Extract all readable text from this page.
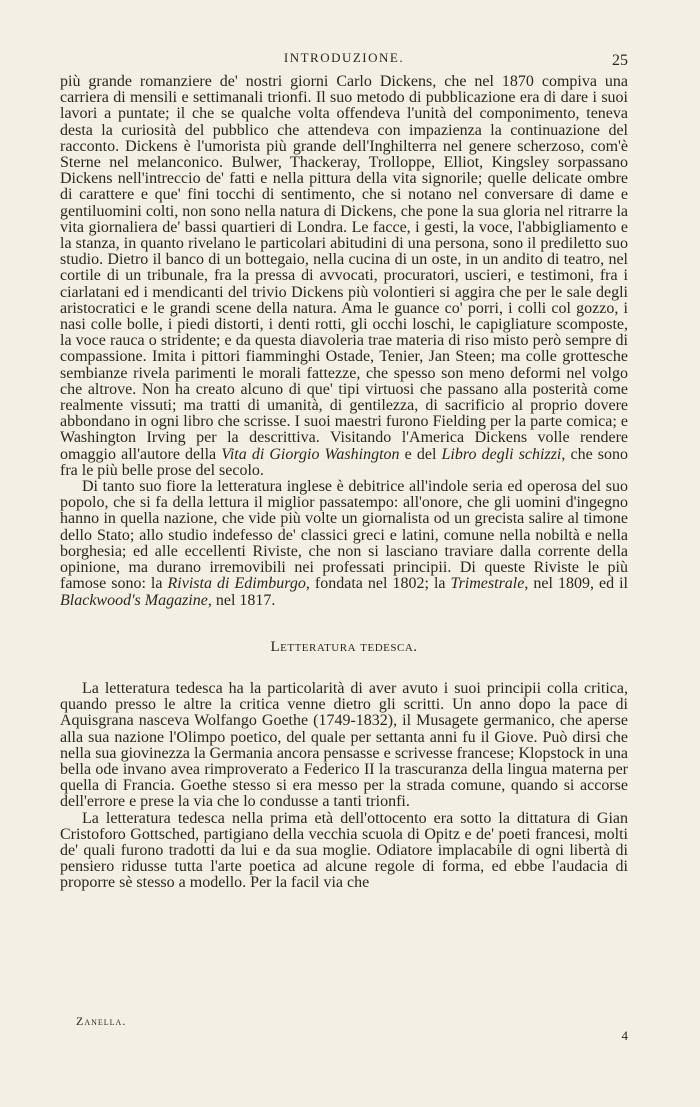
INTRODUZIONE.	25

più grande romanziere de' nostri giorni Carlo Dickens, che nel 1870 compiva una carriera di mensili e settimanali trionfi. Il suo metodo di pubblicazione era di dare i suoi lavori a puntate; il che se qualche volta offendeva l'unità del componimento, teneva desta la curiosità del pubblico che attendeva con impazienza la continuazione del racconto. Dickens è l'umorista più grande dell'Inghilterra nel genere scherzoso, com'è Sterne nel melanconico. Bulwer, Thackeray, Trolloppe, Elliot, Kingsley sorpassano Dickens nell'intreccio de' fatti e nella pittura della vita signorile; quelle delicate ombre di carattere e que' fini tocchi di sentimento, che si notano nel conversare di dame e gentiluomini colti, non sono nella natura di Dickens, che pone la sua gloria nel ritrarre la vita giornaliera de' bassi quartieri di Londra. Le facce, i gesti, la voce, l'abbigliamento e la stanza, in quanto rivelano le particolari abitudini di una persona, sono il prediletto suo studio. Dietro il banco di un bottegaio, nella cucina di un oste, in un andito di teatro, nel cortile di un tribunale, fra la pressa di avvocati, procuratori, uscieri, e testimoni, fra i ciarlatani ed i mendicanti del trivio Dickens più volontieri si aggira che per le sale degli aristocratici e le grandi scene della natura. Ama le guance co' porri, i colli col gozzo, i nasi colle bolle, i piedi distorti, i denti rotti, gli occhi loschi, le capigliature scomposte, la voce rauca o stridente; e da questa diavoleria trae materia di riso misto però sempre di compassione. Imita i pittori fiamminghi Ostade, Tenier, Jan Steen; ma colle grottesche sembianze rivela parimenti le morali fattezze, che spesso son meno deformi nel volgo che altrove. Non ha creato alcuno di que' tipi virtuosi che passano alla posterità come realmente vissuti; ma tratti di umanità, di gentilezza, di sacrificio al proprio dovere abbondano in ogni libro che scrisse. I suoi maestri furono Fielding per la parte comica; e Washington Irving per la descrittiva. Visitando l'America Dickens volle rendere omaggio all'autore della Vita di Giorgio Washington e del Libro degli schizzi, che sono fra le più belle prose del secolo.

Di tanto suo fiore la letteratura inglese è debitrice all'indole seria ed operosa del suo popolo, che si fa della lettura il miglior passatempo: all'onore, che gli uomini d'ingegno hanno in quella nazione, che vide più volte un giornalista od un grecista salire al timone dello Stato; allo studio indefesso de' classici greci e latini, comune nella nobiltà e nella borghesia; ed alle eccellenti Riviste, che non si lasciano traviare dalla corrente della opinione, ma durano irremovibili nei professati principii. Di queste Riviste le più famose sono: la Rivista di Edimburgo, fondata nel 1802; la Trimestrale, nel 1809, ed il Blackwood's Magazine, nel 1817.

Letteratura tedesca.

La letteratura tedesca ha la particolarità di aver avuto i suoi principii colla critica, quando presso le altre la critica venne dietro gli scritti. Un anno dopo la pace di Aquisgrana nasceva Wolfango Goethe (1749-1832), il Musagete germanico, che aperse alla sua nazione l'Olimpo poetico, del quale per settanta anni fu il Giove. Può dirsi che nella sua giovinezza la Germania ancora pensasse e scrivesse francese; Klopstock in una bella ode invano avea rimproverato a Federico II la trascuranza della lingua materna per quella di Francia. Goethe stesso si era messo per la strada comune, quando si accorse dell'errore e prese la via che lo condusse a tanti trionfi.

La letteratura tedesca nella prima età dell'ottocento era sotto la dittatura di Gian Cristoforo Gottsched, partigiano della vecchia scuola di Opitz e de' poeti francesi, molti de' quali furono tradotti da lui e da sua moglie. Odiatore implacabile di ogni libertà di pensiero ridusse tutta l'arte poetica ad alcune regole di forma, ed ebbe l'audacia di proporre sè stesso a modello. Per la facil via che

Zanella.
4
